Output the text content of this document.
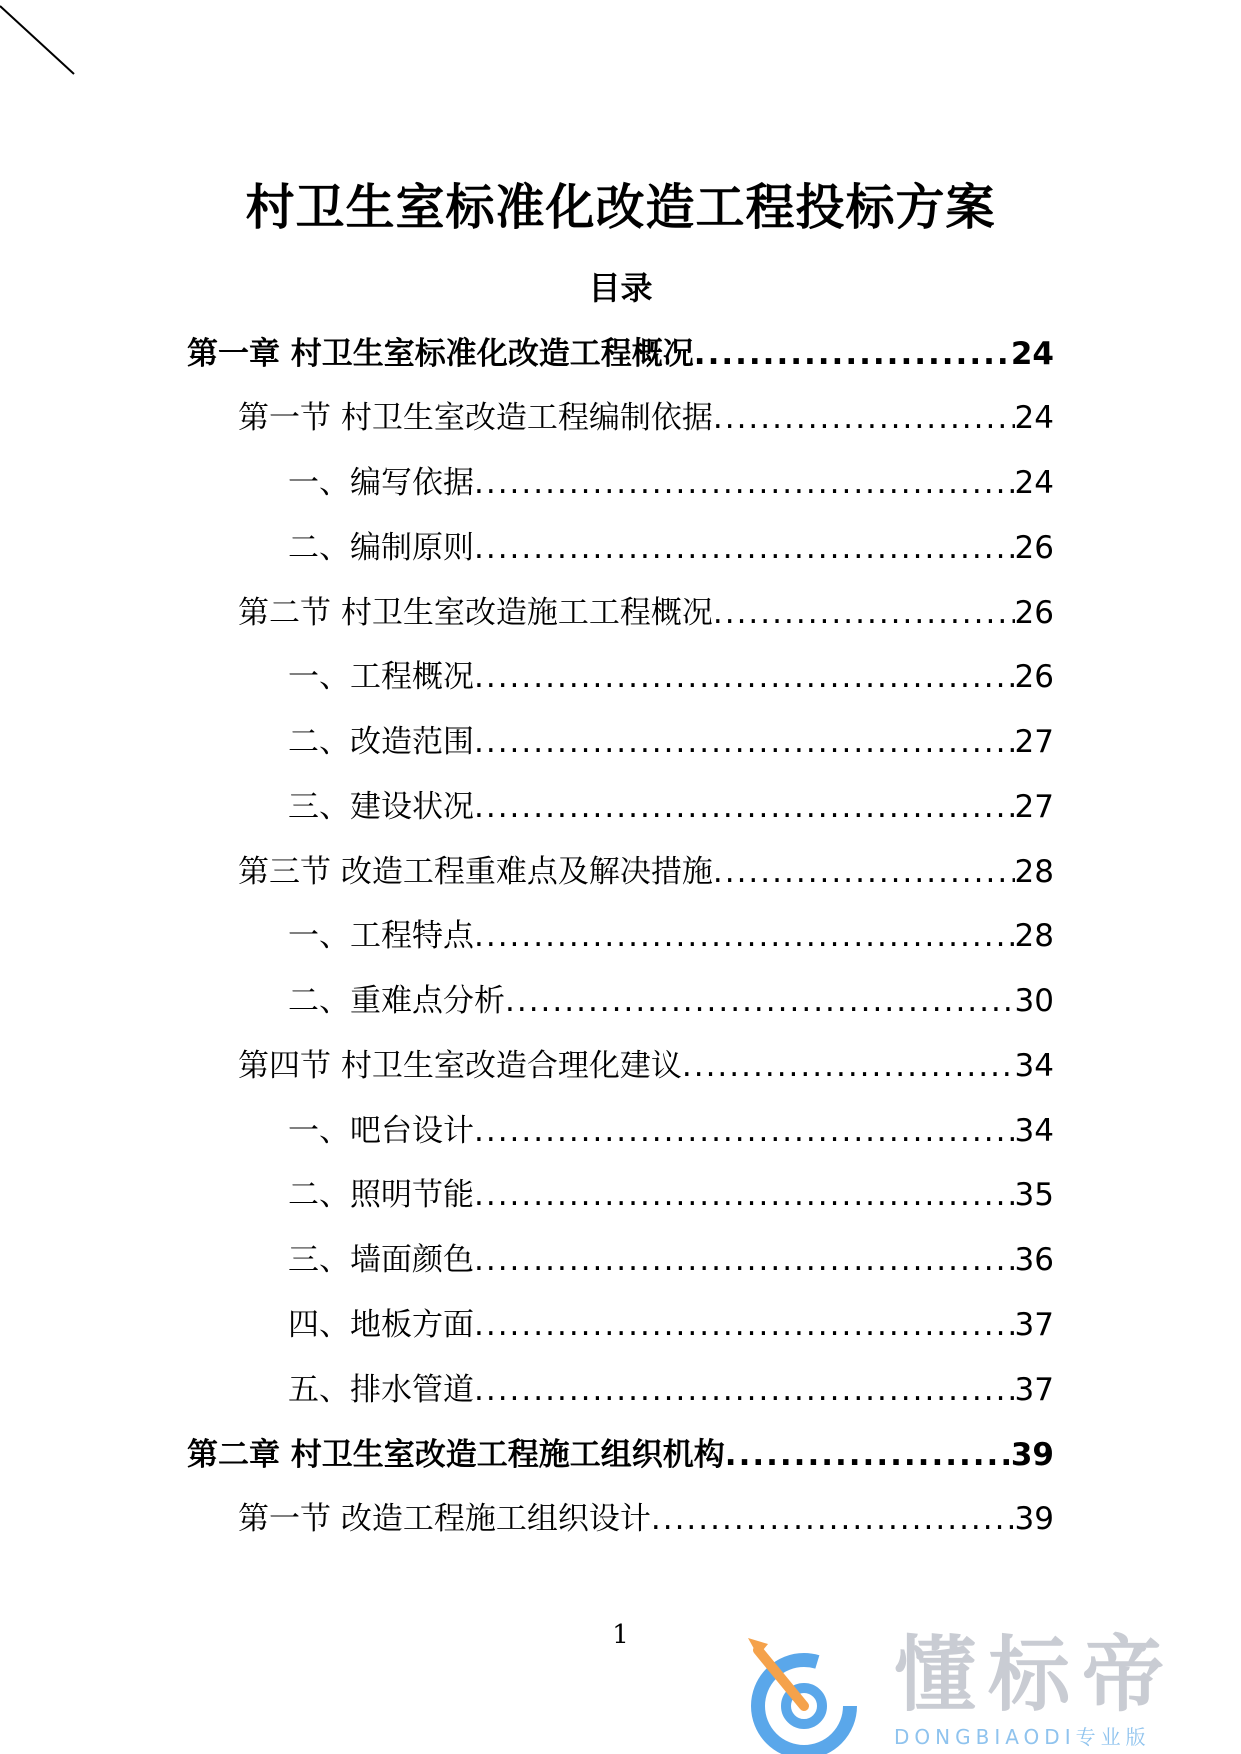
村卫生室标准化改造工程投标方案
目录
第一章 村卫生室标准化改造工程概况 .....	24
第一节 村卫生室改造工程编制依据 .....	24
一、编写依据 .....	24
二、编制原则 .....	26
第二节 村卫生室改造施工工程概况 .....	26
一、工程概况 .....	26
二、改造范围 .....	27
三、建设状况 .....	27
第三节 改造工程重难点及解决措施 .....	28
一、工程特点 .....	28
二、重难点分析 .....	30
第四节 村卫生室改造合理化建议 .....	34
一、吧台设计 .....	34
二、照明节能 .....	35
三、墙面颜色 .....	36
四、地板方面 .....	37
五、排水管道 .....	37
第二章 村卫生室改造工程施工组织机构 .....	39
第一节 改造工程施工组织设计 .....	39
1	懂标帝
DONGBIAODI专业版
